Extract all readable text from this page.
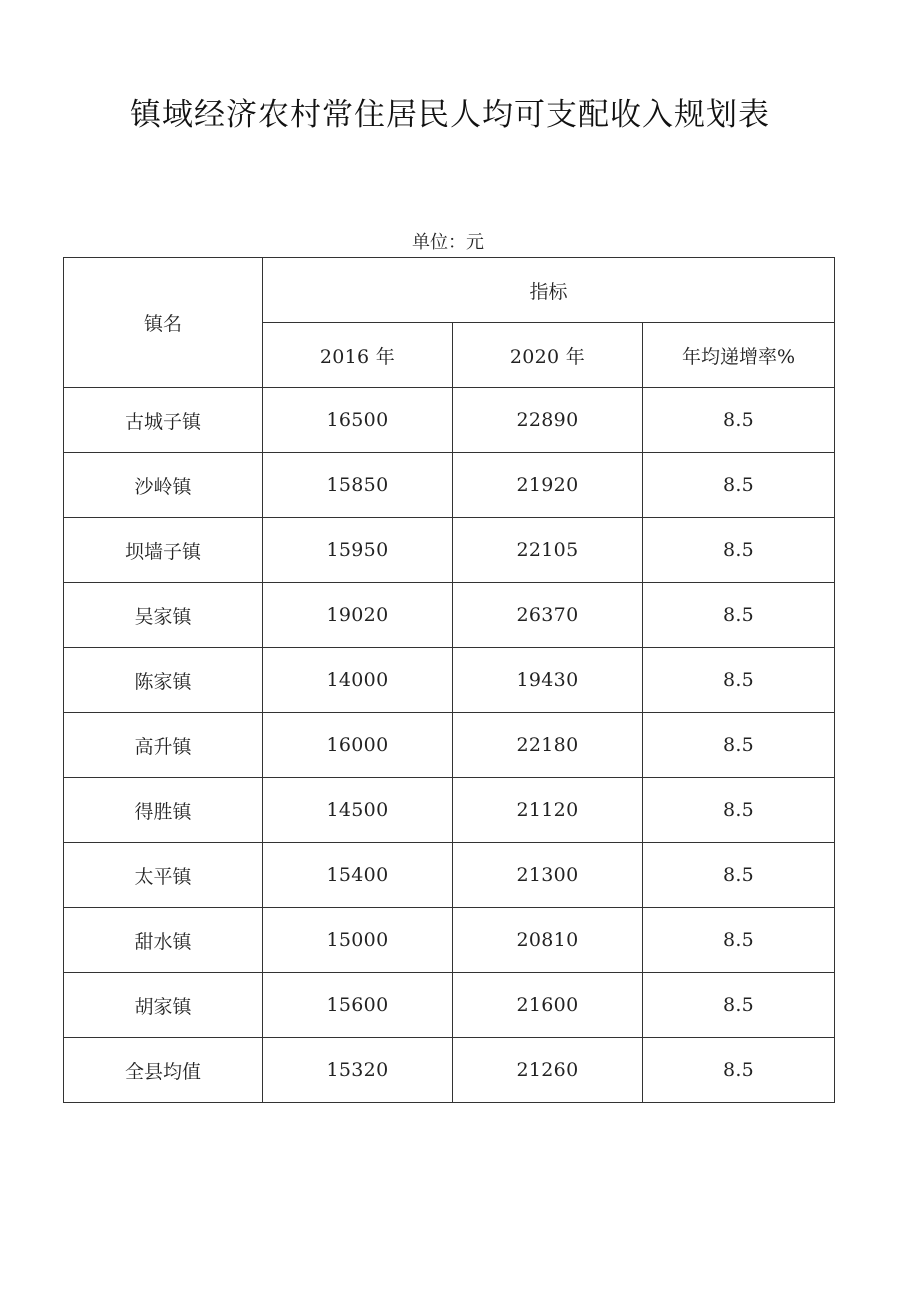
镇域经济农村常住居民人均可支配收入规划表
单位：元
镇名	指标		
	2016 年	2020 年	年均递增率%
古城子镇	16500	22890	8.5
沙岭镇	15850	21920	8.5
坝墙子镇	15950	22105	8.5
吴家镇	19020	26370	8.5
陈家镇	14000	19430	8.5
高升镇	16000	22180	8.5
得胜镇	14500	21120	8.5
太平镇	15400	21300	8.5
甜水镇	15000	20810	8.5
胡家镇	15600	21600	8.5
全县均值	15320	21260	8.5
